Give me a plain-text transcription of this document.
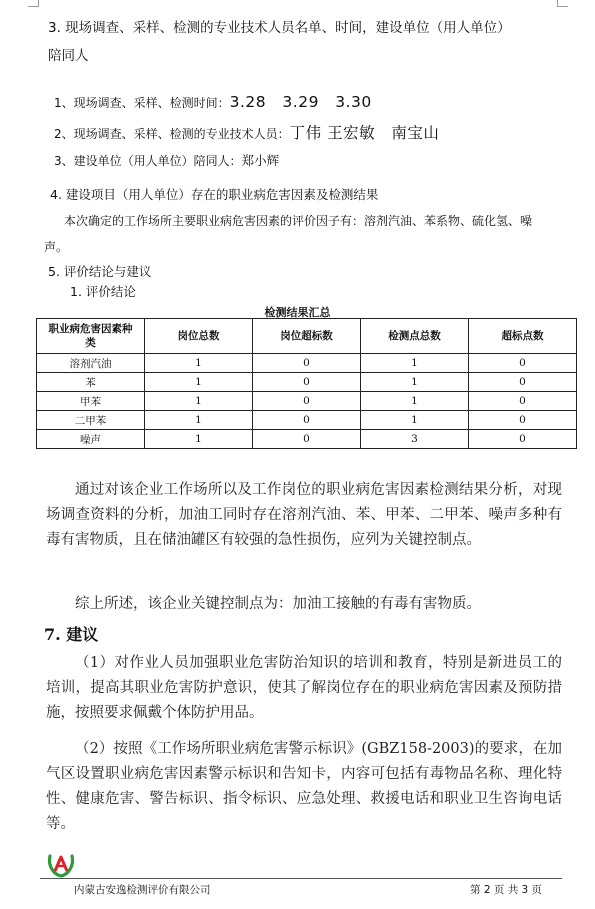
3. 现场调查、采样、检测的专业技术人员名单、时间，建设单位（用人单位）
陪同人
1、现场调查、采样、检测时间：3.28   3.29   3.30
2、现场调查、采样、检测的专业技术人员：丁伟 王宏敏   南宝山
3、建设单位（用人单位）陪同人：郑小辉
4. 建设项目（用人单位）存在的职业病危害因素及检测结果
本次确定的工作场所主要职业病危害因素的评价因子有：溶剂汽油、苯系物、硫化氢、噪
声。
5. 评价结论与建议
1. 评价结论
检测结果汇总
职业病危害因素种类	岗位总数	岗位超标数	检测点总数	超标点数
溶剂汽油	1	0	1	0
苯	1	0	1	0
甲苯	1	0	1	0
二甲苯	1	0	1	0
噪声	1	0	3	0
通过对该企业工作场所以及工作岗位的职业病危害因素检测结果分析，对现场调查资料的分析，加油工同时存在溶剂汽油、苯、甲苯、二甲苯、噪声多种有毒有害物质，且在储油罐区有较强的急性损伤，应列为关键控制点。
综上所述，该企业关键控制点为：加油工接触的有毒有害物质。
7. 建议
（1）对作业人员加强职业危害防治知识的培训和教育，特别是新进员工的培训，提高其职业危害防护意识，使其了解岗位存在的职业病危害因素及预防措施，按照要求佩戴个体防护用品。
（2）按照《工作场所职业病危害警示标识》(GBZ158-2003)的要求，在加气区设置职业病危害因素警示标识和告知卡，内容可包括有毒物品名称、理化特性、健康危害、警告标识、指令标识、应急处理、救援电话和职业卫生咨询电话等。
内蒙古安逸检测评价有限公司	第 2 页 共 3 页
